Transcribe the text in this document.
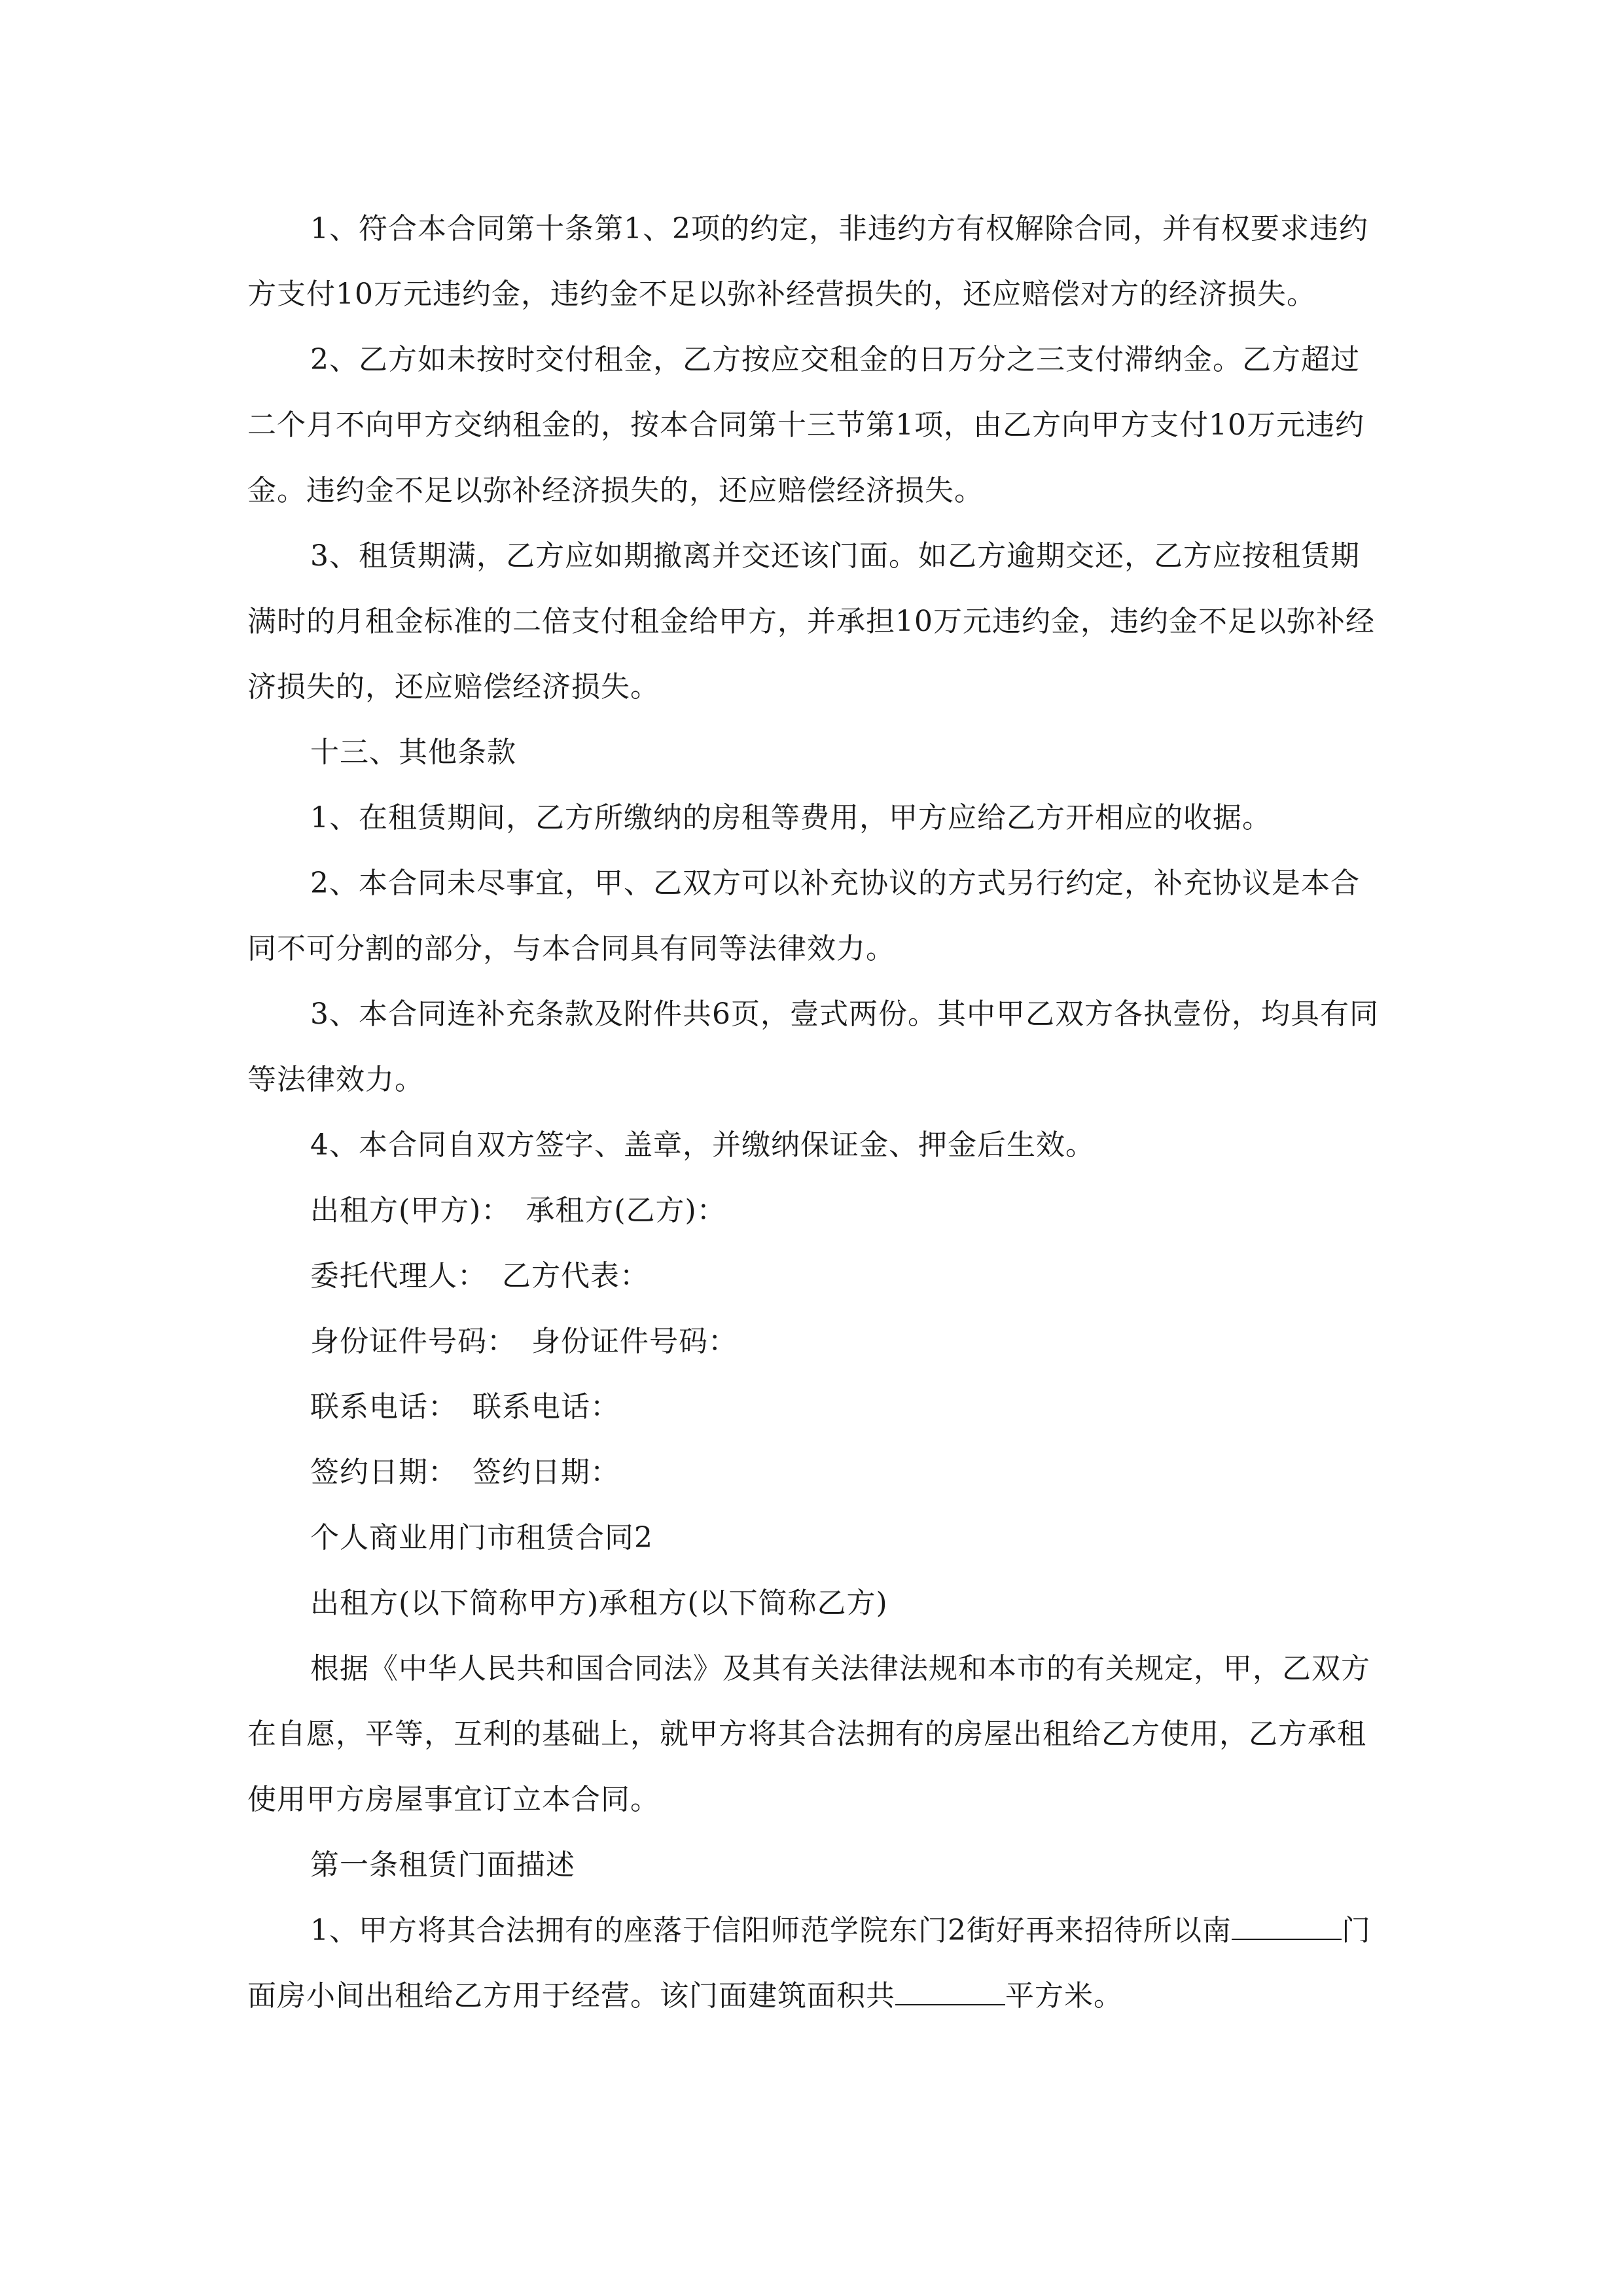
1、符合本合同第十条第1、2项的约定，非违约方有权解除合同，并有权要求违约方支付10万元违约金，违约金不足以弥补经营损失的，还应赔偿对方的经济损失。

2、乙方如未按时交付租金，乙方按应交租金的日万分之三支付滞纳金。乙方超过二个月不向甲方交纳租金的，按本合同第十三节第1项，由乙方向甲方支付10万元违约金。违约金不足以弥补经济损失的，还应赔偿经济损失。

3、租赁期满，乙方应如期撤离并交还该门面。如乙方逾期交还，乙方应按租赁期满时的月租金标准的二倍支付租金给甲方，并承担10万元违约金，违约金不足以弥补经济损失的，还应赔偿经济损失。

十三、其他条款

1、在租赁期间，乙方所缴纳的房租等费用，甲方应给乙方开相应的收据。

2、本合同未尽事宜，甲、乙双方可以补充协议的方式另行约定，补充协议是本合同不可分割的部分，与本合同具有同等法律效力。

3、本合同连补充条款及附件共6页，壹式两份。其中甲乙双方各执壹份，均具有同等法律效力。

4、本合同自双方签字、盖章，并缴纳保证金、押金后生效。

出租方(甲方)：　承租方(乙方)：

委托代理人：　乙方代表：

身份证件号码：　身份证件号码：

联系电话：　联系电话：

签约日期：　签约日期：

个人商业用门市租赁合同2

出租方(以下简称甲方)承租方(以下简称乙方)

根据《中华人民共和国合同法》及其有关法律法规和本市的有关规定，甲，乙双方在自愿，平等，互利的基础上，就甲方将其合法拥有的房屋出租给乙方使用，乙方承租使用甲方房屋事宜订立本合同。

第一条租赁门面描述

1、甲方将其合法拥有的座落于信阳师范学院东门2街好再来招待所以南	门面房小间出租给乙方用于经营。该门面建筑面积共	平方米。
